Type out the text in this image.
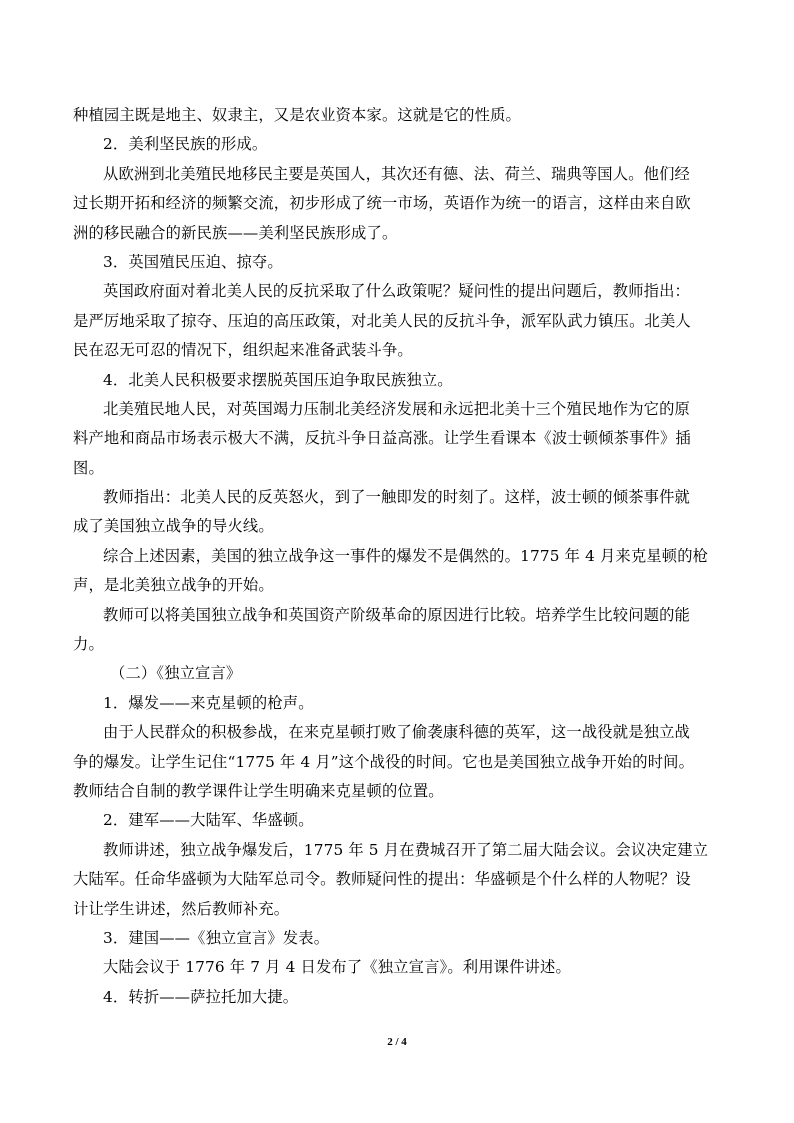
种植园主既是地主、奴隶主，又是农业资本家。这就是它的性质。
2．美利坚民族的形成。
从欧洲到北美殖民地移民主要是英国人，其次还有德、法、荷兰、瑞典等国人。他们经
过长期开拓和经济的频繁交流，初步形成了统一市场，英语作为统一的语言，这样由来自欧
洲的移民融合的新民族——美利坚民族形成了。
3．英国殖民压迫、掠夺。
英国政府面对着北美人民的反抗采取了什么政策呢？疑问性的提出问题后，教师指出：
是严厉地采取了掠夺、压迫的高压政策，对北美人民的反抗斗争，派军队武力镇压。北美人
民在忍无可忍的情况下，组织起来准备武装斗争。
4．北美人民积极要求摆脱英国压迫争取民族独立。
北美殖民地人民，对英国竭力压制北美经济发展和永远把北美十三个殖民地作为它的原
料产地和商品市场表示极大不满，反抗斗争日益高涨。让学生看课本《波士顿倾茶事件》插
图。
教师指出：北美人民的反英怒火，到了一触即发的时刻了。这样，波士顿的倾茶事件就
成了美国独立战争的导火线。
综合上述因素，美国的独立战争这一事件的爆发不是偶然的。1775 年 4 月来克星顿的枪
声，是北美独立战争的开始。
教师可以将美国独立战争和英国资产阶级革命的原因进行比较。培养学生比较问题的能
力。
（二）《独立宣言》
1．爆发——来克星顿的枪声。
由于人民群众的积极参战，在来克星顿打败了偷袭康科德的英军，这一战役就是独立战
争的爆发。让学生记住“1775 年 4 月”这个战役的时间。它也是美国独立战争开始的时间。
教师结合自制的教学课件让学生明确来克星顿的位置。
2．建军——大陆军、华盛顿。
教师讲述，独立战争爆发后，1775 年 5 月在费城召开了第二届大陆会议。会议决定建立
大陆军。任命华盛顿为大陆军总司令。教师疑问性的提出：华盛顿是个什么样的人物呢？设
计让学生讲述，然后教师补充。
3．建国——《独立宣言》发表。
大陆会议于 1776 年 7 月 4 日发布了《独立宣言》。利用课件讲述。
4．转折——萨拉托加大捷。
2 / 4
